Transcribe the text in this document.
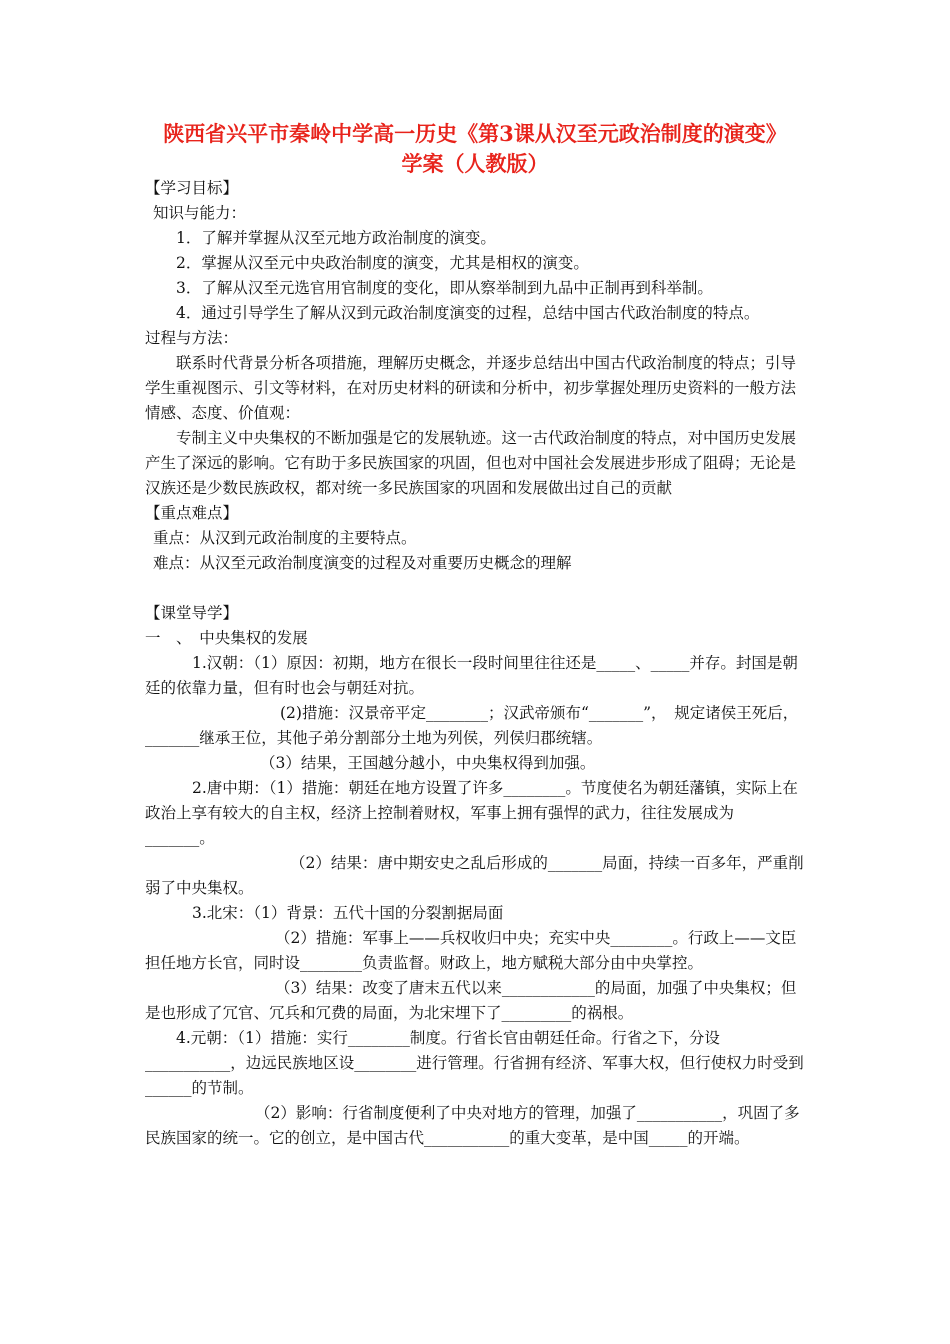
陕西省兴平市秦岭中学高一历史《第3课从汉至元政治制度的演变》
学案（人教版）

【学习目标】

知识与能力：

1．了解并掌握从汉至元地方政治制度的演变。

2．掌握从汉至元中央政治制度的演变，尤其是相权的演变。

3．了解从汉至元选官用官制度的变化，即从察举制到九品中正制再到科举制。

4．通过引导学生了解从汉到元政治制度演变的过程，总结中国古代政治制度的特点。

过程与方法：

联系时代背景分析各项措施，理解历史概念，并逐步总结出中国古代政治制度的特点；引导学生重视图示、引文等材料，在对历史材料的研读和分析中，初步掌握处理历史资料的一般方法

情感、态度、价值观：

专制主义中央集权的不断加强是它的发展轨迹。这一古代政治制度的特点，对中国历史发展产生了深远的影响。它有助于多民族国家的巩固，但也对中国社会发展进步形成了阻碍；无论是汉族还是少数民族政权，都对统一多民族国家的巩固和发展做出过自己的贡献

【重点难点】

重点：从汉到元政治制度的主要特点。

难点：从汉至元政治制度演变的过程及对重要历史概念的理解

【课堂导学】

一　、　中央集权的发展

1.汉朝：（1）原因：初期，地方在很长一段时间里往往还是_____、_____并存。封国是朝廷的依靠力量，但有时也会与朝廷对抗。

(2)措施：汉景帝平定________；汉武帝颁布“_______”，　规定诸侯王死后，_______继承王位，其他子弟分割部分土地为列侯，列侯归郡统辖。

（3）结果，王国越分越小，中央集权得到加强。

2.唐中期：（1）措施：朝廷在地方设置了许多________。节度使名为朝廷藩镇，实际上在政治上享有较大的自主权，经济上控制着财权，军事上拥有强悍的武力，往往发展成为　 _______。

（2）结果：唐中期安史之乱后形成的_______局面，持续一百多年，严重削弱了中央集权。

3.北宋：（1）背景：五代十国的分裂割据局面

（2）措施：军事上——兵权收归中央；充实中央________。行政上——文臣担任地方长官，同时设________负责监督。财政上，地方赋税大部分由中央掌控。

（3）结果：改变了唐末五代以来____________的局面，加强了中央集权；但是也形成了冗官、冗兵和冗费的局面，为北宋埋下了_________的祸根。

4.元朝：（1）措施：实行________制度。行省长官由朝廷任命。行省之下，分设___________，边远民族地区设________进行管理。行省拥有经济、军事大权，但行使权力时受到______的节制。

（2）影响：行省制度便利了中央对地方的管理，加强了___________，巩固了多民族国家的统一。它的创立，是中国古代___________的重大变革，是中国_____的开端。
